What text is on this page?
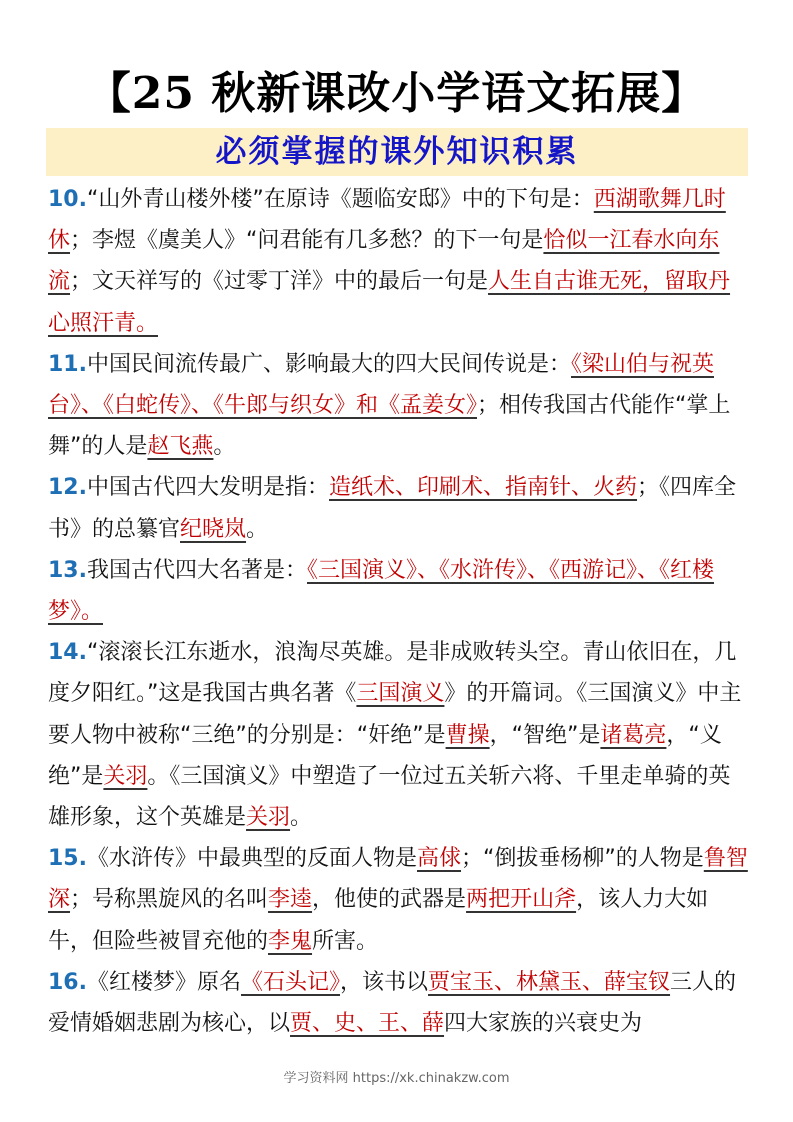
【25 秋新课改小学语文拓展】
必须掌握的课外知识积累

10.“山外青山楼外楼”在原诗《题临安邸》中的下句是：西湖歌舞几时休；李煜《虞美人》“问君能有几多愁？的下一句是恰似一江春水向东流；文天祥写的《过零丁洋》中的最后一句是人生自古谁无死，留取丹心照汗青。

11.中国民间流传最广、影响最大的四大民间传说是：《梁山伯与祝英台》、《白蛇传》、《牛郎与织女》和《孟姜女》；相传我国古代能作“掌上舞”的人是赵飞燕。

12.中国古代四大发明是指：造纸术、印刷术、指南针、火药；《四库全书》的总纂官纪晓岚。

13.我国古代四大名著是：《三国演义》、《水浒传》、《西游记》、《红楼梦》。

14.“滚滚长江东逝水，浪淘尽英雄。是非成败转头空。青山依旧在，几度夕阳红。”这是我国古典名著《三国演义》的开篇词。《三国演义》中主要人物中被称“三绝”的分别是：“奸绝”是曹操，“智绝”是诸葛亮，“义绝”是关羽。《三国演义》中塑造了一位过五关斩六将、千里走单骑的英雄形象，这个英雄是关羽。

15.《水浒传》中最典型的反面人物是高俅；“倒拔垂杨柳”的人物是鲁智深；号称黑旋风的名叫李逵，他使的武器是两把开山斧，该人力大如牛，但险些被冒充他的李鬼所害。

16.《红楼梦》原名《石头记》，该书以贾宝玉、林黛玉、薛宝钗三人的爱情婚姻悲剧为核心，以贾、史、王、薛四大家族的兴衰史为

学习资料网 https://xk.chinakzw.com
